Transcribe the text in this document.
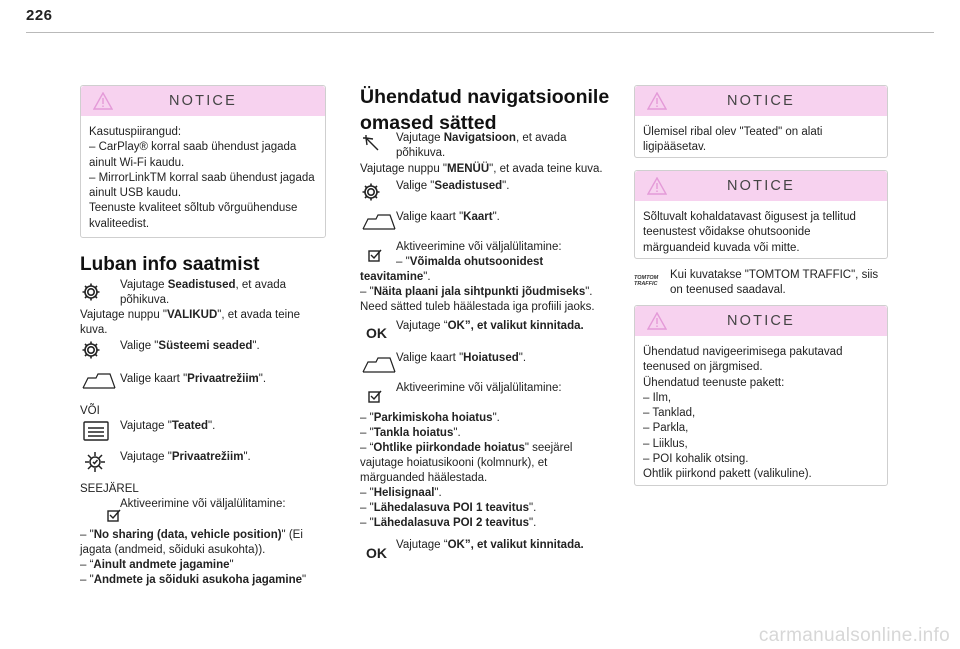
226
NOTICE
Kasutuspiirangud:
– CarPlay® korral saab ühendust jagada
ainult Wi-Fi kaudu.
– MirrorLinkTM korral saab ühendust jagada
ainult USB kaudu.
Teenuste kvaliteet sõltub võrguühenduse
kvaliteedist.
Luban info saatmist
Vajutage Seadistused, et avada
põhikuva.
Vajutage nuppu "VALIKUD", et avada teine
kuva.
Valige "Süsteemi seaded".
Valige kaart "Privaatrežiim".
VÕI
Vajutage "Teated".
Vajutage "Privaatrežiim".
SEEJÄREL
Aktiveerimine või väljalülitamine:
– "No sharing (data, vehicle position)" (Ei
jagata (andmeid, sõiduki asukohta)).
– “Ainult andmete jagamine"
– "Andmete ja sõiduki asukoha jagamine"
Ühendatud navigatsioonile
omased sätted
Vajutage Navigatsioon, et avada
põhikuva.
Vajutage nuppu "MENÜÜ", et avada teine kuva.
Valige "Seadistused".
Valige kaart "Kaart".
Aktiveerimine või väljalülitamine:
– "Võimalda ohutsoonidest
teavitamine".
– "Näita plaani jala sihtpunkti jõudmiseks".
Need sätted tuleb häälestada iga profiili jaoks.
OK Vajutage “OK”, et valikut kinnitada.
Valige kaart "Hoiatused".
Aktiveerimine või väljalülitamine:
– "Parkimiskoha hoiatus".
– "Tankla hoiatus".
– “Ohtlike piirkondade hoiatus" seejärel
vajutage hoiatusikooni (kolmnurk), et
märguanded häälestada.
– "Helisignaal".
– "Lähedalasuva POI 1 teavitus".
– "Lähedalasuva POI 2 teavitus".
OK Vajutage “OK”, et valikut kinnitada.
NOTICE
Ülemisel ribal olev "Teated" on alati
ligipääsetav.
NOTICE
Sõltuvalt kohaldatavast õigusest ja tellitud
teenustest võidakse ohutsoonide
märguandeid kuvada või mitte.
TOMTOM TRAFFIC
Kui kuvatakse "TOMTOM TRAFFIC", siis
on teenused saadaval.
NOTICE
Ühendatud navigeerimisega pakutavad
teenused on järgmised.
Ühendatud teenuste pakett:
– Ilm,
– Tanklad,
– Parkla,
– Liiklus,
– POI kohalik otsing.
Ohtlik piirkond pakett (valikuline).
carmanualsonline.info
